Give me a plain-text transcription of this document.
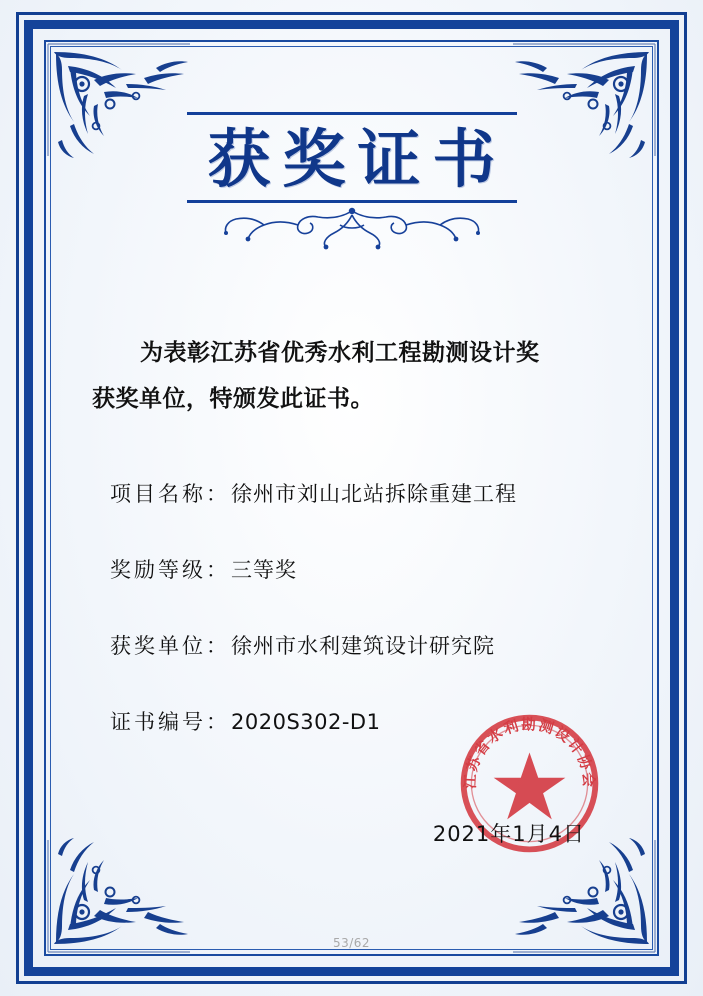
获奖证书
为表彰江苏省优秀水利工程勘测设计奖
获奖单位，特颁发此证书。
项目名称 ： 徐州市刘山北站拆除重建工程
奖励等级 ： 三等奖
获奖单位 ： 徐州市水利建筑设计研究院
证书编号 ： 2020S302-D1
江苏省水利勘测设计协会
2021年1月4日
53/62
